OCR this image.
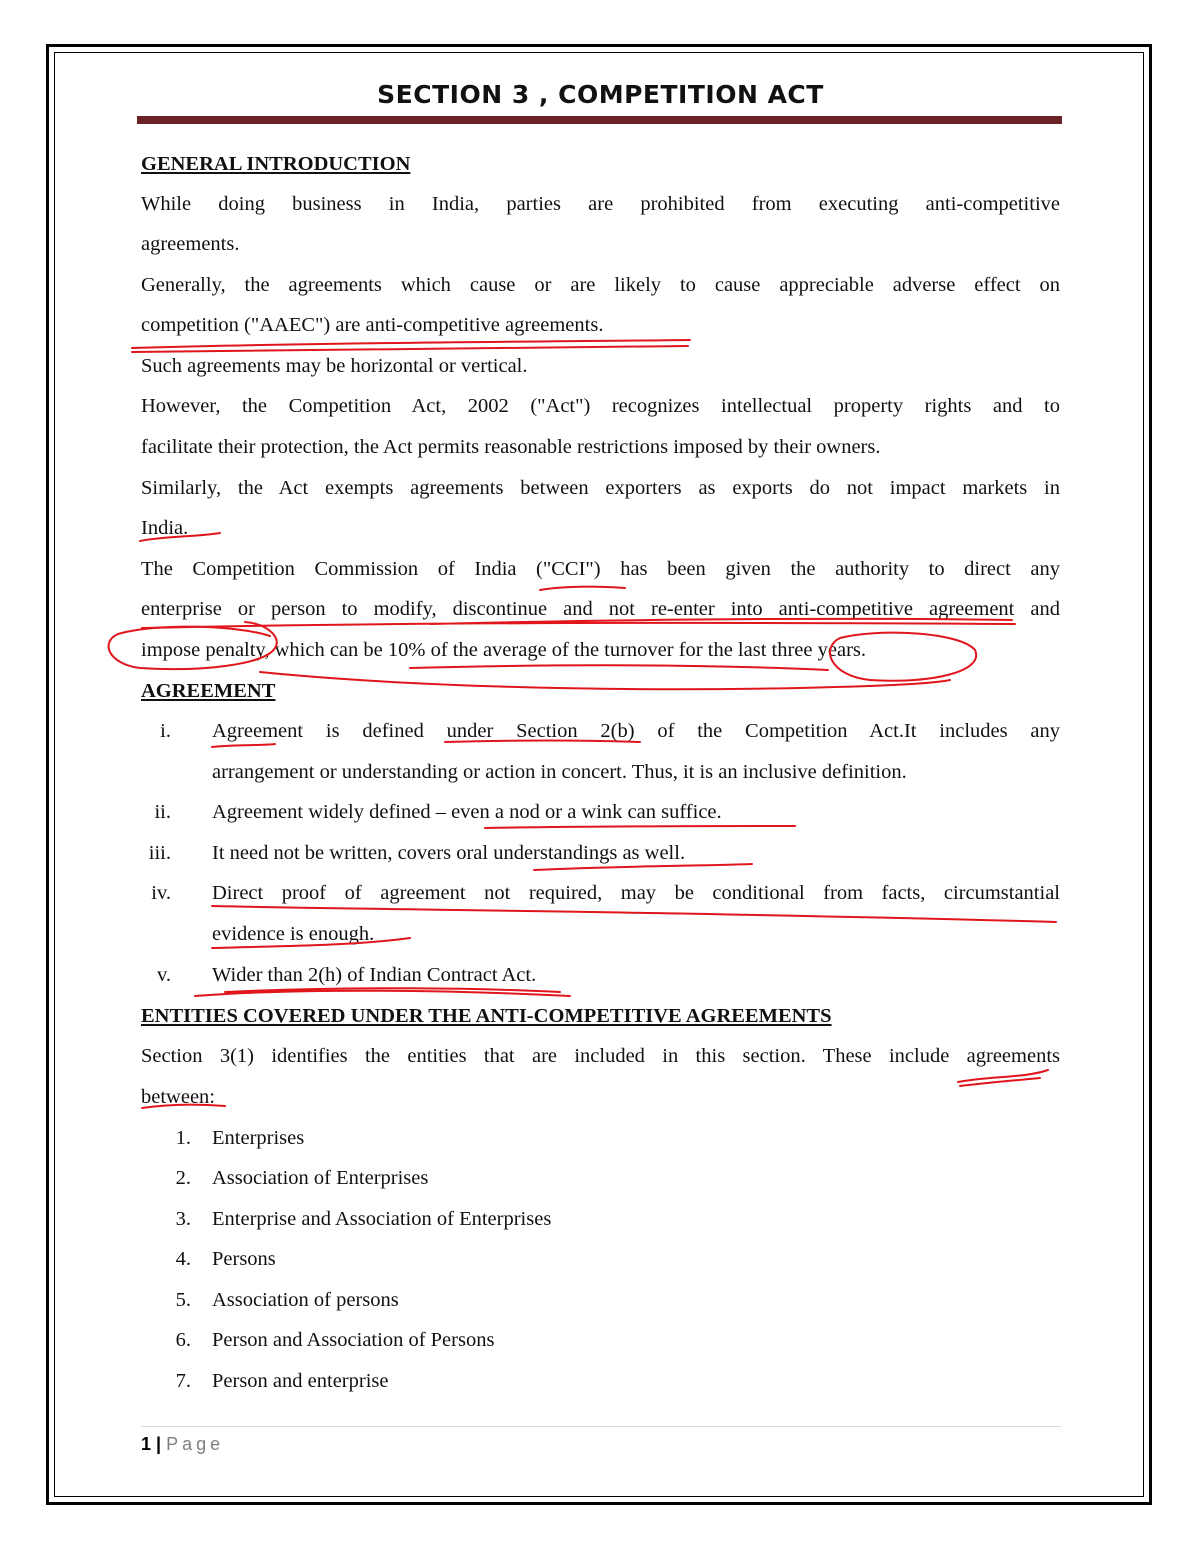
SECTION 3 , COMPETITION ACT
GENERAL INTRODUCTION
While doing business in India, parties are prohibited from executing anti-competitive
agreements.
Generally, the agreements which cause or are likely to cause appreciable adverse effect on
competition ("AAEC") are anti-competitive agreements.
Such agreements may be horizontal or vertical.
However, the Competition Act, 2002 ("Act") recognizes intellectual property rights and to
facilitate their protection, the Act permits reasonable restrictions imposed by their owners.
Similarly, the Act exempts agreements between exporters as exports do not impact markets in
India.
The Competition Commission of India ("CCI") has been given the authority to direct any
enterprise or person to modify, discontinue and not re-enter into anti-competitive agreement and
impose penalty, which can be 10% of the average of the turnover for the last three years.
AGREEMENT
i. Agreement is defined under Section 2(b) of the Competition Act.It includes any
arrangement or understanding or action in concert. Thus, it is an inclusive definition.
ii. Agreement widely defined – even a nod or a wink can suffice.
iii. It need not be written, covers oral understandings as well.
iv. Direct proof of agreement not required, may be conditional from facts, circumstantial
evidence is enough.
v. Wider than 2(h) of Indian Contract Act.
ENTITIES COVERED UNDER THE ANTI-COMPETITIVE AGREEMENTS
Section 3(1) identifies the entities that are included in this section. These include agreements
between:
1. Enterprises
2. Association of Enterprises
3. Enterprise and Association of Enterprises
4. Persons
5. Association of persons
6. Person and Association of Persons
7. Person and enterprise
1 | Page
